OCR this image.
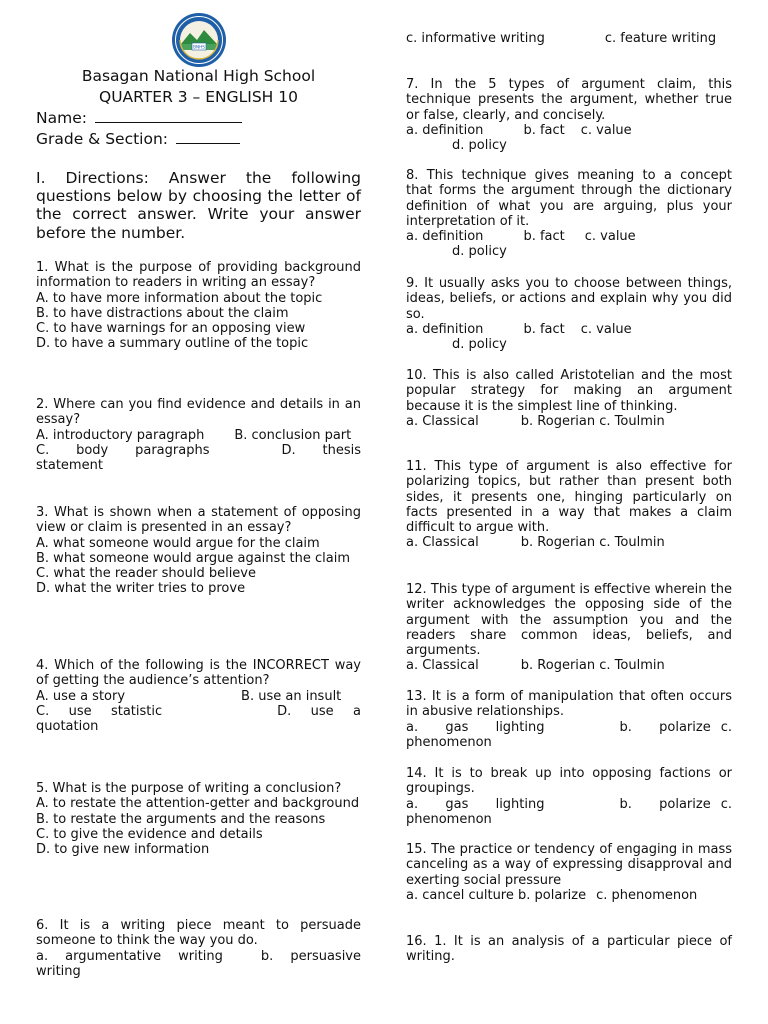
BNHS
Basagan National High School
QUARTER 3 – ENGLISH 10
Name:
Grade & Section:
I. Directions: Answer the following questions below by choosing the letter of the correct answer. Write your answer before the number.

1. What is the purpose of providing background information to readers in writing an essay?

A. to have more information about the topic

B. to have distractions about the claim

C. to have warnings for an opposing view

D. to have a summary outline of the topic

2. Where can you find evidence and details in an essay?

A. introductory paragraph B. conclusion part

C. body paragraphs	D. thesis statement

3. What is shown when a statement of opposing view or claim is presented in an essay?

A. what someone would argue for the claim

B. what someone would argue against the claim

C. what the reader should believe

D. what the writer tries to prove

4. Which of the following is the INCORRECT way of getting the audience’s attention?

A. use a story	B. use an insult

C. use statistic	D. use a quotation

5. What is the purpose of writing a conclusion?

A. to restate the attention-getter and background

B. to restate the arguments and the reasons

C. to give the evidence and details

D. to give new information

6. It is a writing piece meant to persuade someone to think the way you do.

a. argumentative writing	b. persuasive writing

c. informative writing	c. feature writing

7. In the 5 types of argument claim, this technique presents the argument, whether true or false, clearly, and concisely.

a. definition	b. fact c. value

d. policy

8. This technique gives meaning to a concept that forms the argument through the dictionary definition of what you are arguing, plus your interpretation of it.

a. definition	b. fact c. value

d. policy

9. It usually asks you to choose between things, ideas, beliefs, or actions and explain why you did so.

a. definition	b. fact c. value

d. policy

10. This is also called Aristotelian and the most popular strategy for making an argument because it is the simplest line of thinking.

a. Classical	b. Rogerian c. Toulmin

11. This type of argument is also effective for polarizing topics, but rather than present both sides, it presents one, hinging particularly on facts presented in a way that makes a claim difficult to argue with.

a. Classical	b. Rogerian c. Toulmin

12. This type of argument is effective wherein the writer acknowledges the opposing side of the argument with the assumption you and the readers share common ideas, beliefs, and arguments.

a. Classical	b. Rogerian c. Toulmin

13. It is a form of manipulation that often occurs in abusive relationships.

a. gas lighting	b. polarize c. phenomenon

14. It is to break up into opposing factions or groupings.

a. gas lighting	b. polarize c. phenomenon

15. The practice or tendency of engaging in mass canceling as a way of expressing disapproval and exerting social pressure

a. cancel culture b. polarize c. phenomenon

16. 1. It is an analysis of a particular piece of writing.
